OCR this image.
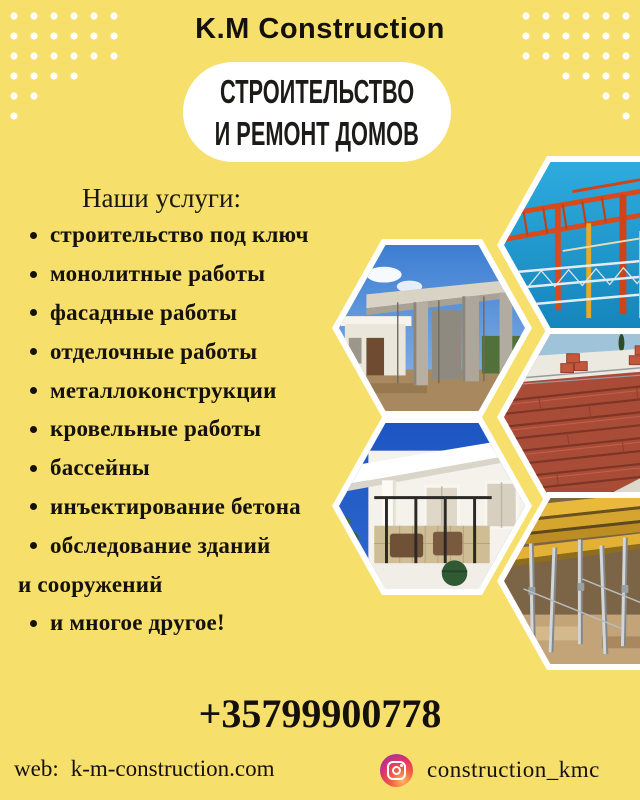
K.M Construction
СТРОИТЕЛЬСТВО
И РЕМОНТ ДОМОВ
Наши услуги:
строительство под ключ
монолитные работы
фасадные работы
отделочные работы
металлоконструкции
кровельные работы
бассейны
инъектирование бетона
обследование зданий
и сооружений
и многое другое!
+35799900778
web: k-m-construction.com	construction_kmc
